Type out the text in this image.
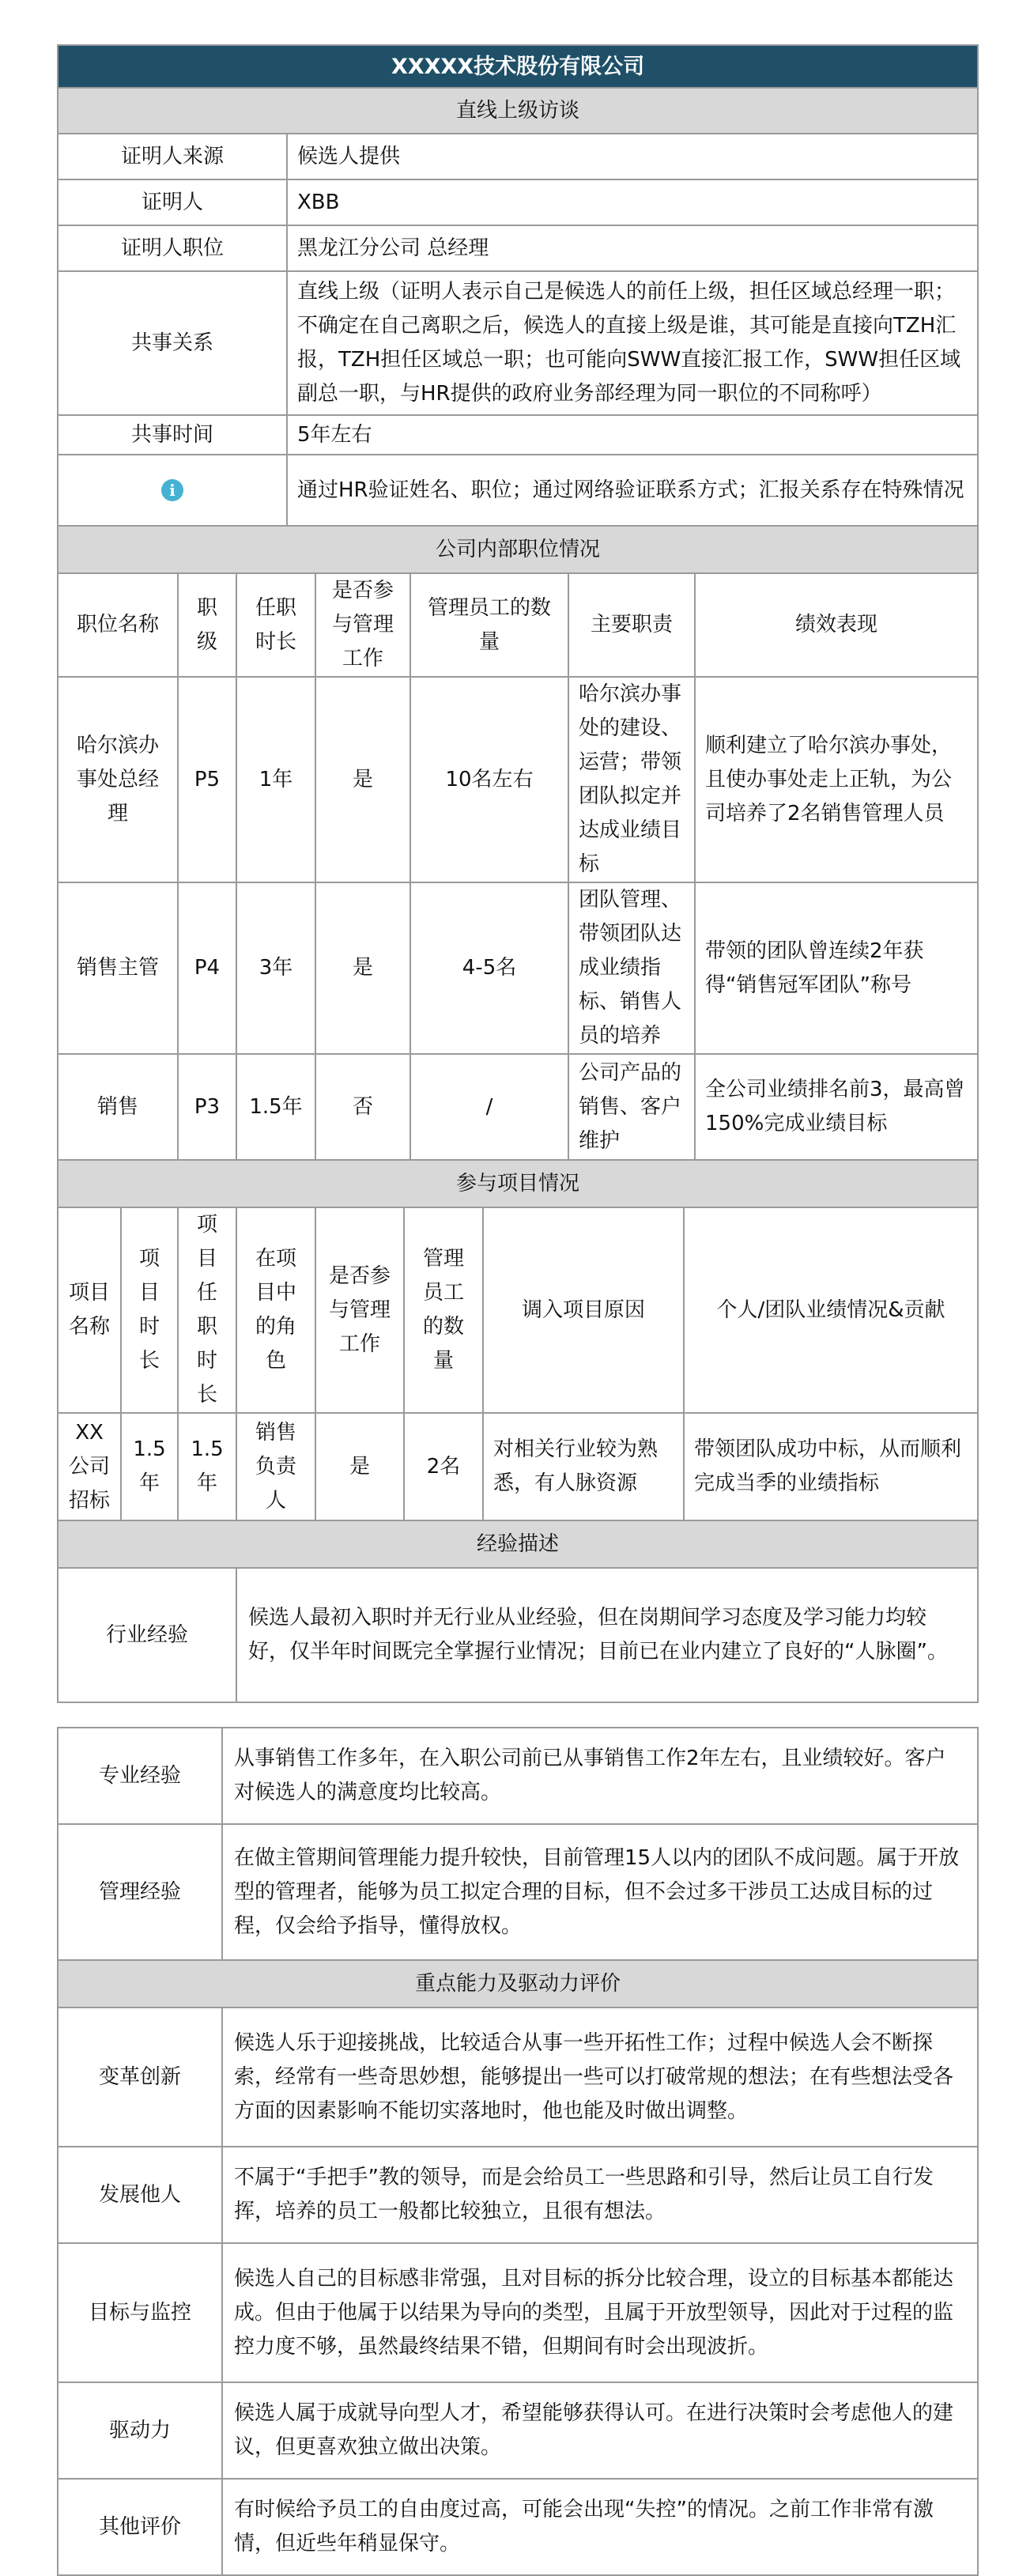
XXXXX技术股份有限公司											
直线上级访谈											
证明人来源				候选人提供							
证明人				XBB							
证明人职位				黑龙江分公司 总经理							
共事关系				直线上级（证明人表示自己是候选人的前任上级，担任区域总经理一职；不确定在自己离职之后，候选人的直接上级是谁，其可能是直接向TZH汇报，TZH担任区域总一职；也可能向SWW直接汇报工作，SWW担任区域副总一职，与HR提供的政府业务部经理为同一职位的不同称呼）							
共事时间				5年左右							
i				通过HR验证姓名、职位；通过网络验证联系方式；汇报关系存在特殊情况							
公司内部职位情况											
职位名称		职级	任职时长		是否参与管理工作		管理员工的数量		主要职责		绩效表现
哈尔滨办事处总经理		P5	1年		是		10名左右		哈尔滨办事处的建设、运营；带领团队拟定并达成业绩目标		顺利建立了哈尔滨办事处，且使办事处走上正轨，为公司培养了2名销售管理人员
销售主管		P4	3年		是		4-5名		团队管理、带领团队达成业绩指标、销售人员的培养		带领的团队曾连续2年获得“销售冠军团队”称号
销售		P3	1.5年		否		/		公司产品的销售、客户维护		全公司业绩排名前3，最高曾150%完成业绩目标
参与项目情况											
项目名称	项目时长	项目任职时长	在项目中的角色		是否参与管理工作	管理员工的数量		调入项目原因		个人/团队业绩情况&贡献	
XX公司招标	1.5年	1.5年	销售负责人		是	2名		对相关行业较为熟悉，有人脉资源		带领团队成功中标，从而顺利完成当季的业绩指标	
经验描述											
行业经验			候选人最初入职时并无行业从业经验，但在岗期间学习态度及学习能力均较好，仅半年时间既完全掌握行业情况；目前已在业内建立了良好的“人脉圈”。								
专业经验	从事销售工作多年，在入职公司前已从事销售工作2年左右，且业绩较好。客户对候选人的满意度均比较高。
管理经验	在做主管期间管理能力提升较快，目前管理15人以内的团队不成问题。属于开放型的管理者，能够为员工拟定合理的目标，但不会过多干涉员工达成目标的过程，仅会给予指导，懂得放权。
重点能力及驱动力评价	
变革创新	候选人乐于迎接挑战，比较适合从事一些开拓性工作；过程中候选人会不断探索，经常有一些奇思妙想，能够提出一些可以打破常规的想法；在有些想法受各方面的因素影响不能切实落地时，他也能及时做出调整。
发展他人	不属于“手把手”教的领导，而是会给员工一些思路和引导，然后让员工自行发挥，培养的员工一般都比较独立，且很有想法。
目标与监控	候选人自己的目标感非常强，且对目标的拆分比较合理，设立的目标基本都能达成。但由于他属于以结果为导向的类型，且属于开放型领导，因此对于过程的监控力度不够，虽然最终结果不错，但期间有时会出现波折。
驱动力	候选人属于成就导向型人才，希望能够获得认可。在进行决策时会考虑他人的建议，但更喜欢独立做出决策。
其他评价	有时候给予员工的自由度过高，可能会出现“失控”的情况。之前工作非常有激情，但近些年稍显保守。
